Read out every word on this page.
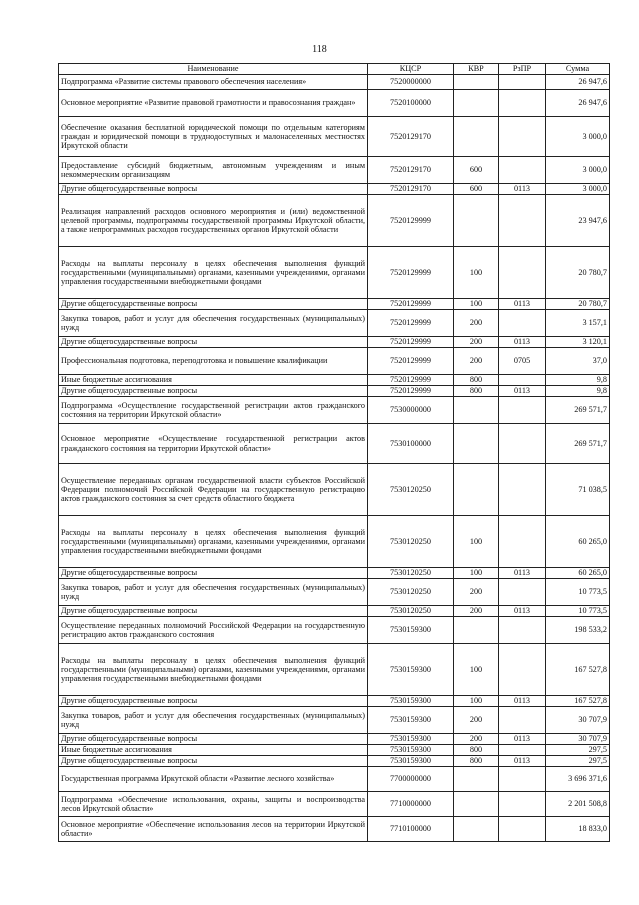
118
Наименование	КЦСР	КВР	РзПР	Сумма
Подпрограмма «Развитие системы правового обеспечения населения»	7520000000			26 947,6
Основное мероприятие «Развитие правовой грамотности и правосознания граждан»	7520100000			26 947,6
Обеспечение оказания бесплатной юридической помощи по отдельным категориям граждан и юридической помощи в труднодоступных и малонаселенных местностях Иркутской области	7520129170			3 000,0
Предоставление субсидий бюджетным, автономным учреждениям и иным некоммерческим организациям	7520129170	600		3 000,0
Другие общегосударственные вопросы	7520129170	600	0113	3 000,0
Реализация направлений расходов основного мероприятия и (или) ведомственной целевой программы, подпрограммы государственной программы Иркутской области, а также непрограммных расходов государственных органов Иркутской области	7520129999			23 947,6
Расходы на выплаты персоналу в целях обеспечения выполнения функций государственными (муниципальными) органами, казенными учреждениями, органами управления государственными внебюджетными фондами	7520129999	100		20 780,7
Другие общегосударственные вопросы	7520129999	100	0113	20 780,7
Закупка товаров, работ и услуг для обеспечения государственных (муниципальных) нужд	7520129999	200		3 157,1
Другие общегосударственные вопросы	7520129999	200	0113	3 120,1
Профессиональная подготовка, переподготовка и повышение квалификации	7520129999	200	0705	37,0
Иные бюджетные ассигнования	7520129999	800		9,8
Другие общегосударственные вопросы	7520129999	800	0113	9,8
Подпрограмма «Осуществление государственной регистрации актов гражданского состояния на территории Иркутской области»	7530000000			269 571,7
Основное мероприятие «Осуществление государственной регистрации актов гражданского состояния на территории Иркутской области»	7530100000			269 571,7
Осуществление переданных органам государственной власти субъектов Российской Федерации полномочий Российской Федерации на государственную регистрацию актов гражданского состояния за счет средств областного бюджета	7530120250			71 038,5
Расходы на выплаты персоналу в целях обеспечения выполнения функций государственными (муниципальными) органами, казенными учреждениями, органами управления государственными внебюджетными фондами	7530120250	100		60 265,0
Другие общегосударственные вопросы	7530120250	100	0113	60 265,0
Закупка товаров, работ и услуг для обеспечения государственных (муниципальных) нужд	7530120250	200		10 773,5
Другие общегосударственные вопросы	7530120250	200	0113	10 773,5
Осуществление переданных полномочий Российской Федерации на государственную регистрацию актов гражданского состояния	7530159300			198 533,2
Расходы на выплаты персоналу в целях обеспечения выполнения функций государственными (муниципальными) органами, казенными учреждениями, органами управления государственными внебюджетными фондами	7530159300	100		167 527,8
Другие общегосударственные вопросы	7530159300	100	0113	167 527,8
Закупка товаров, работ и услуг для обеспечения государственных (муниципальных) нужд	7530159300	200		30 707,9
Другие общегосударственные вопросы	7530159300	200	0113	30 707,9
Иные бюджетные ассигнования	7530159300	800		297,5
Другие общегосударственные вопросы	7530159300	800	0113	297,5
Государственная программа Иркутской области «Развитие лесного хозяйства»	7700000000			3 696 371,6
Подпрограмма «Обеспечение использования, охраны, защиты и воспроизводства лесов Иркутской области»	7710000000			2 201 508,8
Основное мероприятие «Обеспечение использования лесов на территории Иркутской области»	7710100000			18 833,0
